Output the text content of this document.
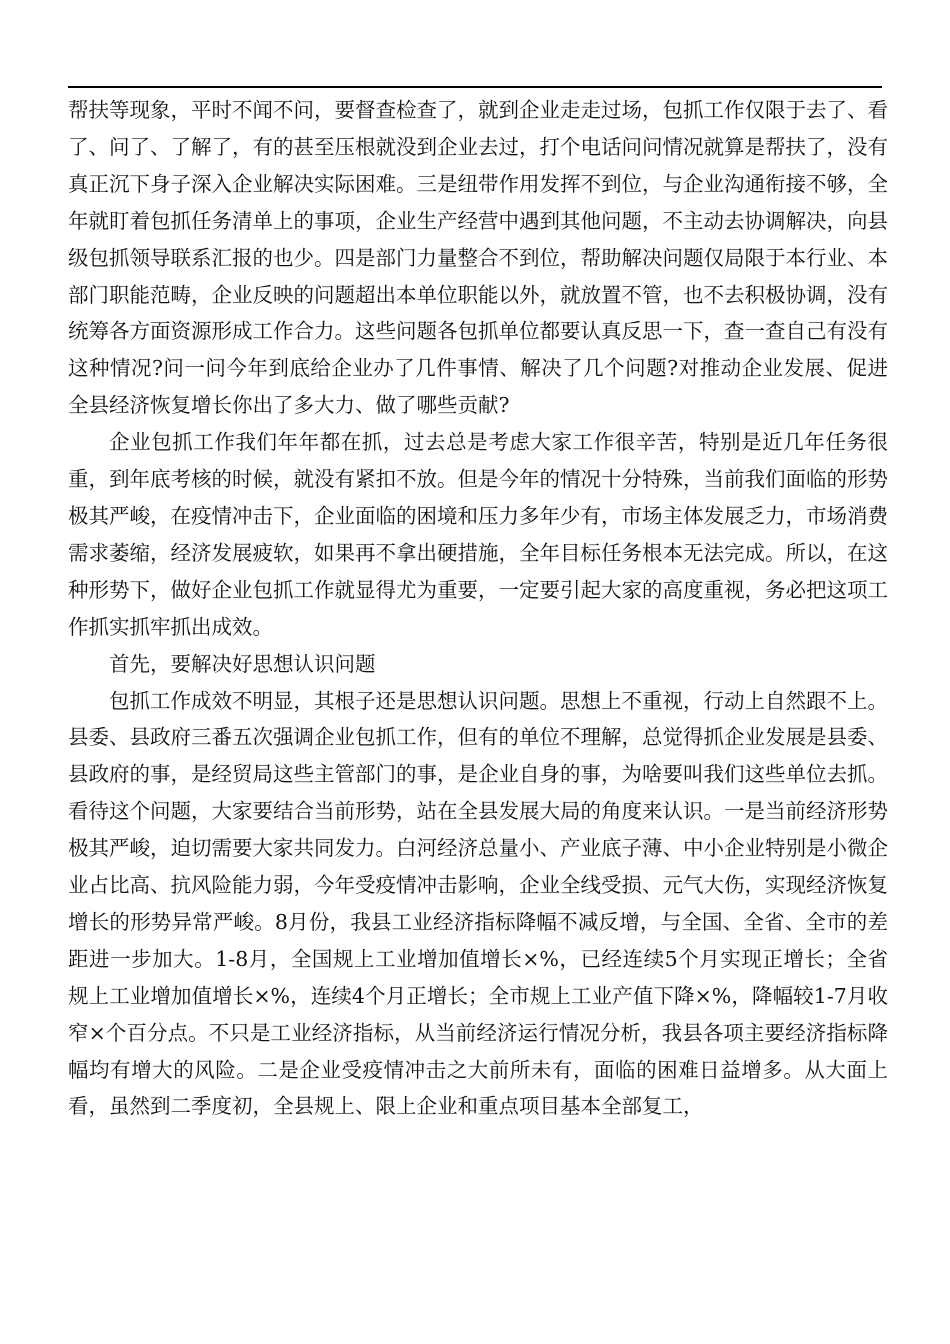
帮扶等现象，平时不闻不问，要督查检查了，就到企业走走过场，包抓工作仅限于去了、看了、问了、了解了，有的甚至压根就没到企业去过，打个电话问问情况就算是帮扶了，没有真正沉下身子深入企业解决实际困难。三是纽带作用发挥不到位，与企业沟通衔接不够，全年就盯着包抓任务清单上的事项，企业生产经营中遇到其他问题，不主动去协调解决，向县级包抓领导联系汇报的也少。四是部门力量整合不到位，帮助解决问题仅局限于本行业、本部门职能范畴，企业反映的问题超出本单位职能以外，就放置不管，也不去积极协调，没有统筹各方面资源形成工作合力。这些问题各包抓单位都要认真反思一下，查一查自己有没有这种情况?问一问今年到底给企业办了几件事情、解决了几个问题?对推动企业发展、促进全县经济恢复增长你出了多大力、做了哪些贡献?

企业包抓工作我们年年都在抓，过去总是考虑大家工作很辛苦，特别是近几年任务很重，到年底考核的时候，就没有紧扣不放。但是今年的情况十分特殊，当前我们面临的形势极其严峻，在疫情冲击下，企业面临的困境和压力多年少有，市场主体发展乏力，市场消费需求萎缩，经济发展疲软，如果再不拿出硬措施，全年目标任务根本无法完成。所以，在这种形势下，做好企业包抓工作就显得尤为重要，一定要引起大家的高度重视，务必把这项工作抓实抓牢抓出成效。

首先，要解决好思想认识问题

包抓工作成效不明显，其根子还是思想认识问题。思想上不重视，行动上自然跟不上。县委、县政府三番五次强调企业包抓工作，但有的单位不理解，总觉得抓企业发展是县委、县政府的事，是经贸局这些主管部门的事，是企业自身的事，为啥要叫我们这些单位去抓。看待这个问题，大家要结合当前形势，站在全县发展大局的角度来认识。一是当前经济形势极其严峻，迫切需要大家共同发力。白河经济总量小、产业底子薄、中小企业特别是小微企业占比高、抗风险能力弱，今年受疫情冲击影响，企业全线受损、元气大伤，实现经济恢复增长的形势异常严峻。8月份，我县工业经济指标降幅不减反增，与全国、全省、全市的差距进一步加大。1-8月，全国规上工业增加值增长×%，已经连续5个月实现正增长；全省规上工业增加值增长×%，连续4个月正增长；全市规上工业产值下降×%，降幅较1-7月收窄×个百分点。不只是工业经济指标，从当前经济运行情况分析，我县各项主要经济指标降幅均有增大的风险。二是企业受疫情冲击之大前所未有，面临的困难日益增多。从大面上看，虽然到二季度初，全县规上、限上企业和重点项目基本全部复工，
